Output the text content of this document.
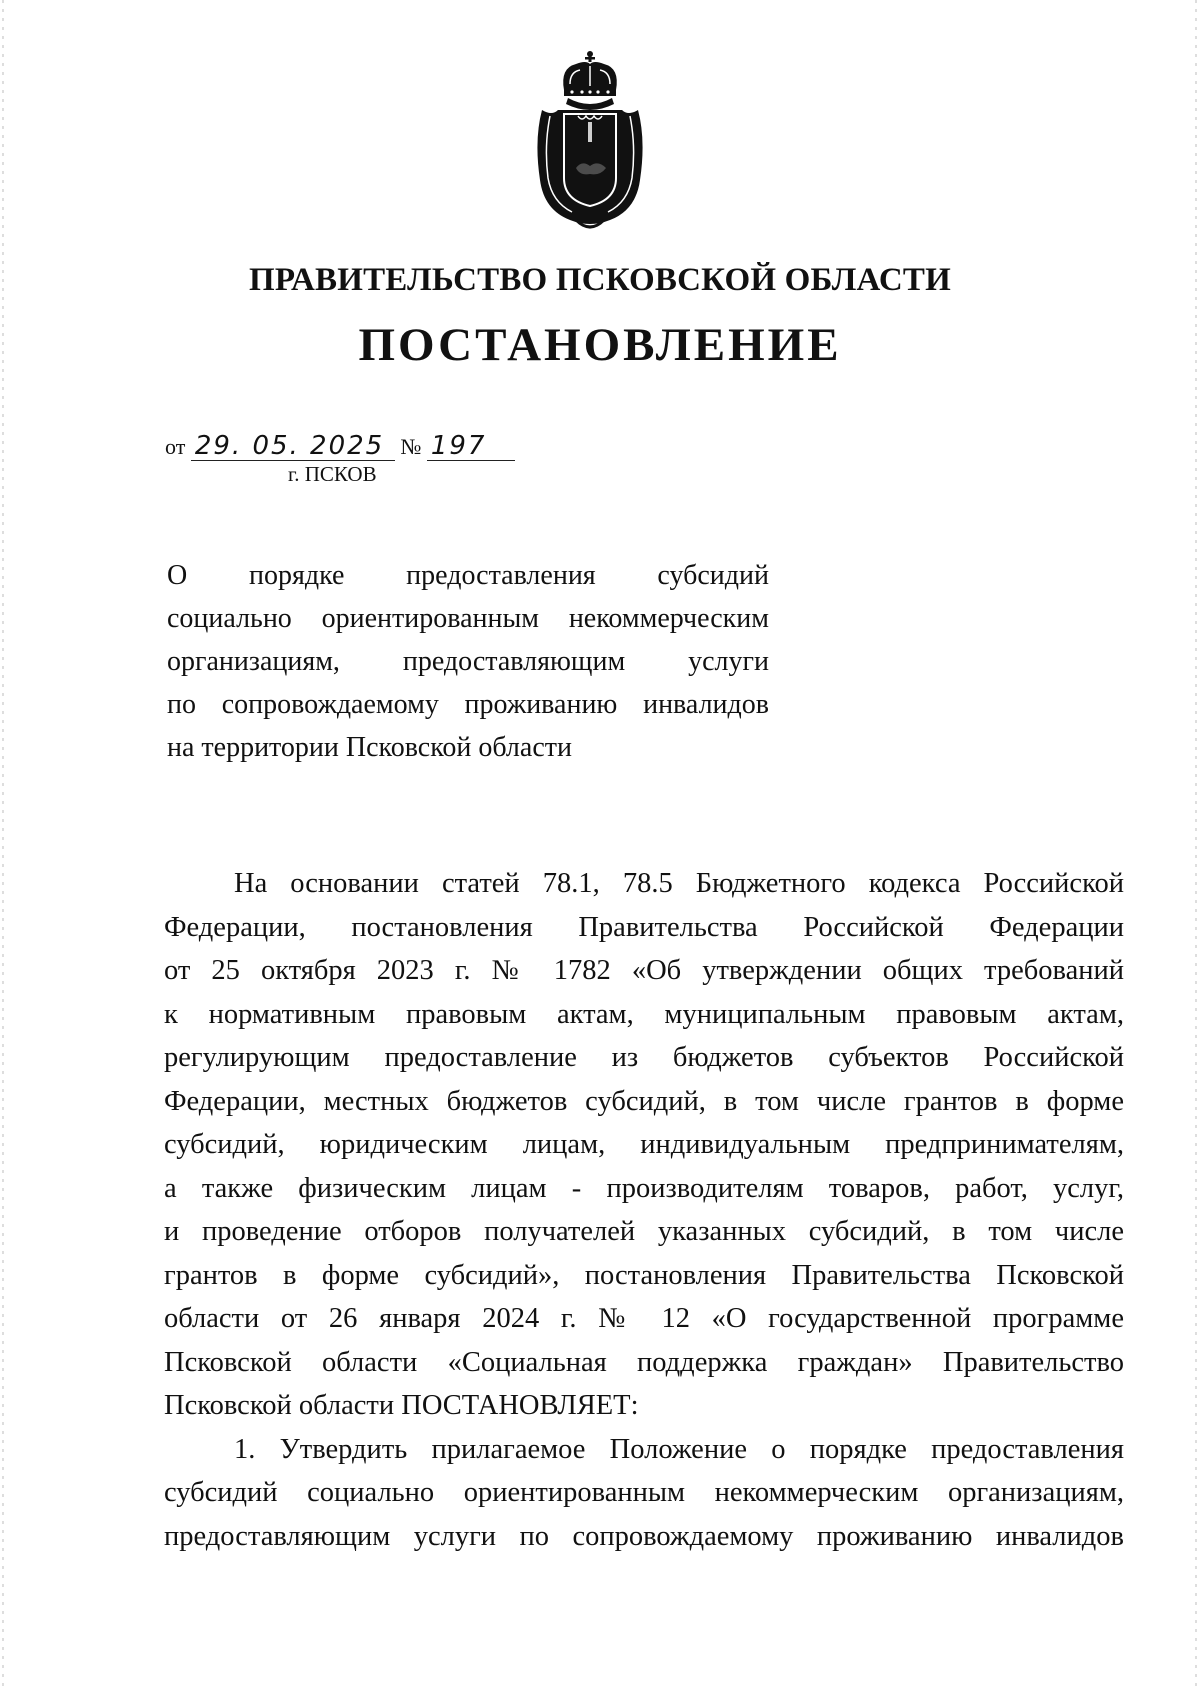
ПРАВИТЕЛЬСТВО ПСКОВСКОЙ ОБЛАСТИ
ПОСТАНОВЛЕНИЕ
от 29. 05. 2025 № 197
г. ПСКОВ
О порядке предоставления субсидий
социально ориентированным некоммерческим
организациям, предоставляющим услуги
по сопровождаемому проживанию инвалидов
на территории Псковской области
На основании статей 78.1, 78.5 Бюджетного кодекса Российской
Федерации, постановления Правительства Российской Федерации
от 25 октября 2023 г. № 1782 «Об утверждении общих требований
к нормативным правовым актам, муниципальным правовым актам,
регулирующим предоставление из бюджетов субъектов Российской
Федерации, местных бюджетов субсидий, в том числе грантов в форме
субсидий, юридическим лицам, индивидуальным предпринимателям,
а также физическим лицам - производителям товаров, работ, услуг,
и проведение отборов получателей указанных субсидий, в том числе
грантов в форме субсидий», постановления Правительства Псковской
области от 26 января 2024 г. № 12 «О государственной программе
Псковской области «Социальная поддержка граждан» Правительство
Псковской области ПОСТАНОВЛЯЕТ:
1. Утвердить прилагаемое Положение о порядке предоставления
субсидий социально ориентированным некоммерческим организациям,
предоставляющим услуги по сопровождаемому проживанию инвалидов
